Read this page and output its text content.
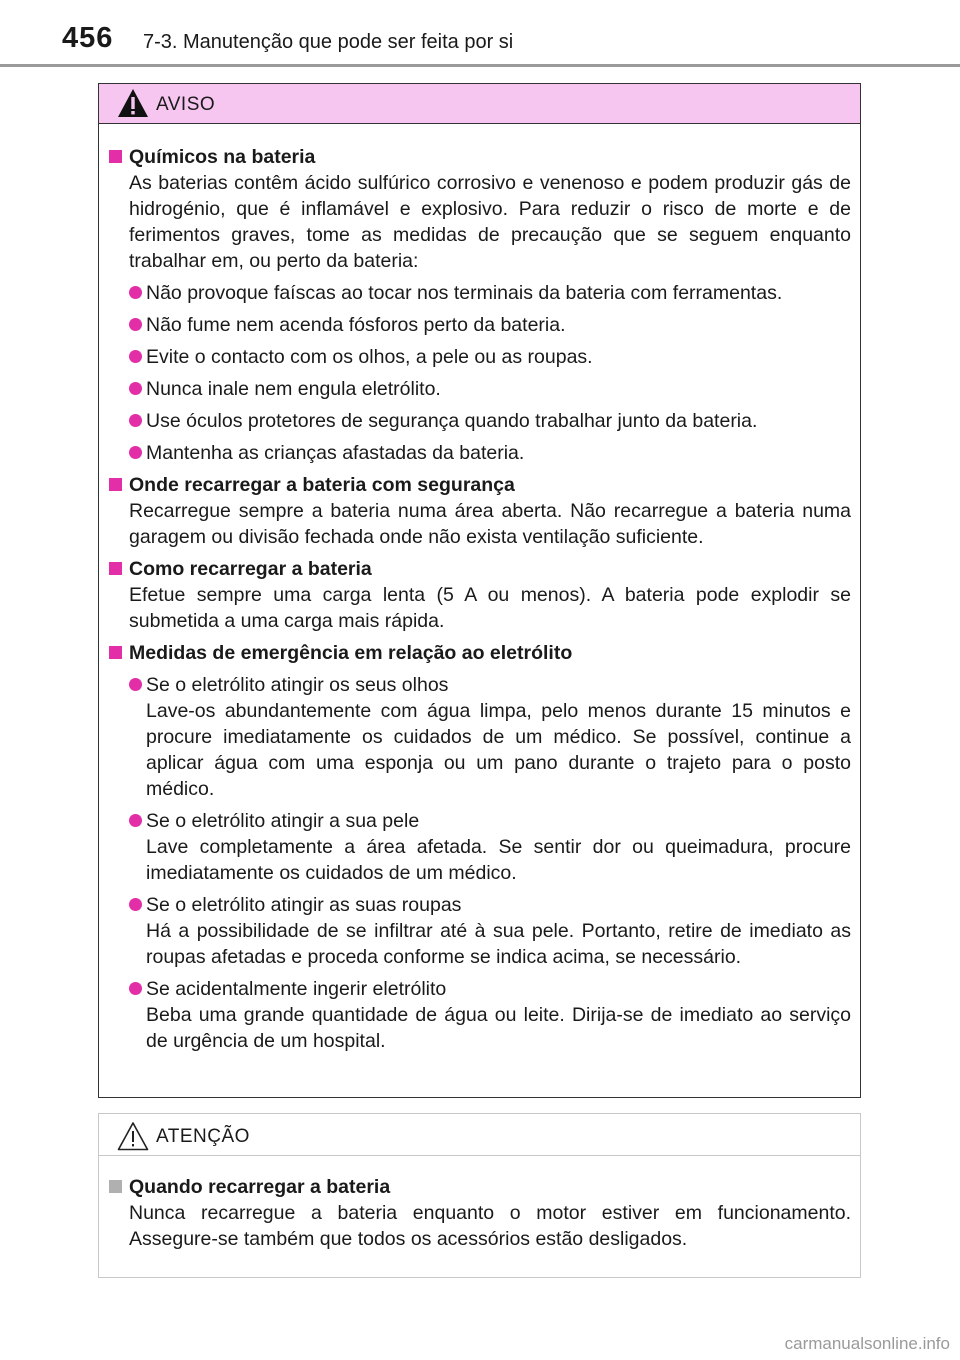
456 7-3. Manutenção que pode ser feita por si
AVISO
Químicos na bateria
As baterias contêm ácido sulfúrico corrosivo e venenoso e podem produzir gás de hidrogénio, que é inflamável e explosivo. Para reduzir o risco de morte e de ferimentos graves, tome as medidas de precaução que se seguem enquanto trabalhar em, ou perto da bateria:
Não provoque faíscas ao tocar nos terminais da bateria com ferramentas.
Não fume nem acenda fósforos perto da bateria.
Evite o contacto com os olhos, a pele ou as roupas.
Nunca inale nem engula eletrólito.
Use óculos protetores de segurança quando trabalhar junto da bateria.
Mantenha as crianças afastadas da bateria.
Onde recarregar a bateria com segurança
Recarregue sempre a bateria numa área aberta. Não recarregue a bateria numa garagem ou divisão fechada onde não exista ventilação suficiente.
Como recarregar a bateria
Efetue sempre uma carga lenta (5 A ou menos). A bateria pode explodir se submetida a uma carga mais rápida.
Medidas de emergência em relação ao eletrólito
Se o eletrólito atingir os seus olhos
Lave-os abundantemente com água limpa, pelo menos durante 15 minutos e procure imediatamente os cuidados de um médico. Se possível, continue a aplicar água com uma esponja ou um pano durante o trajeto para o posto médico.
Se o eletrólito atingir a sua pele
Lave completamente a área afetada. Se sentir dor ou queimadura, procure imediatamente os cuidados de um médico.
Se o eletrólito atingir as suas roupas
Há a possibilidade de se infiltrar até à sua pele. Portanto, retire de imediato as roupas afetadas e proceda conforme se indica acima, se necessário.
Se acidentalmente ingerir eletrólito
Beba uma grande quantidade de água ou leite. Dirija-se de imediato ao serviço de urgência de um hospital.
ATENÇÃO
Quando recarregar a bateria
Nunca recarregue a bateria enquanto o motor estiver em funcionamento. Assegure-se também que todos os acessórios estão desligados.
carmanualsonline.info
